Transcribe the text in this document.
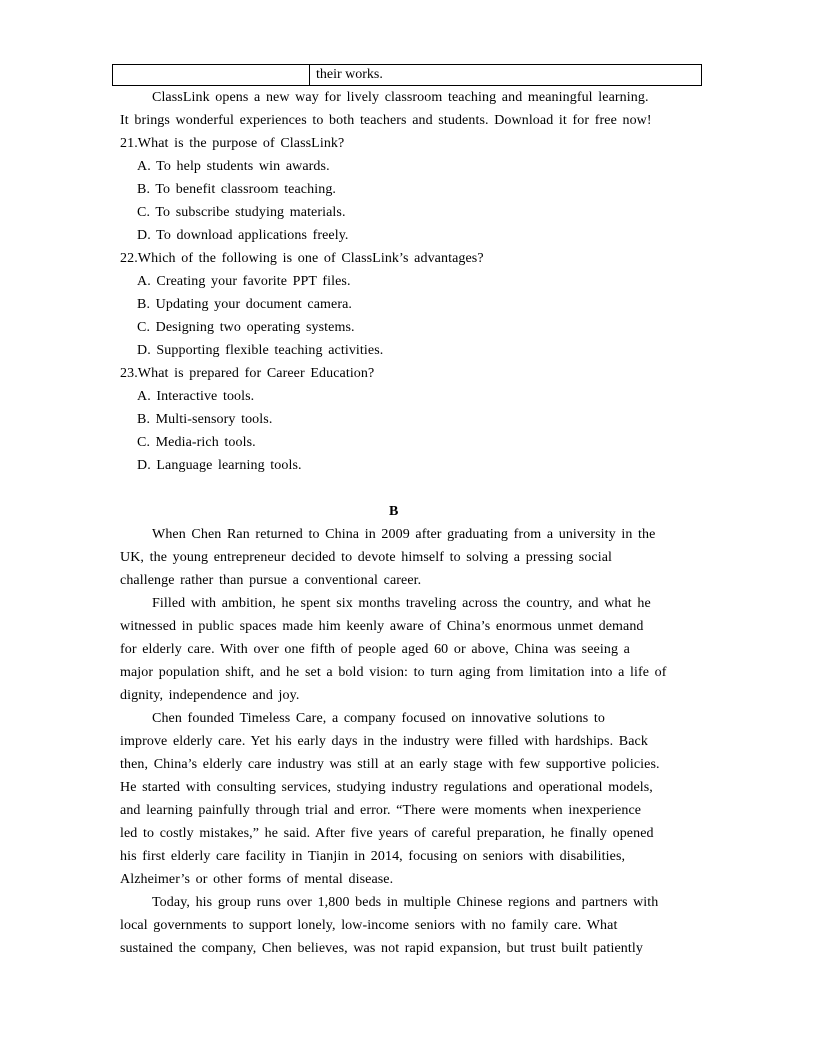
their works.
ClassLink opens a new way for lively classroom teaching and meaningful learning.
It brings wonderful experiences to both teachers and students. Download it for free now!
21.What is the purpose of ClassLink?
A. To help students win awards.
B. To benefit classroom teaching.
C. To subscribe studying materials.
D. To download applications freely.
22.Which of the following is one of ClassLink’s advantages?
A. Creating your favorite PPT files.
B. Updating your document camera.
C. Designing two operating systems.
D. Supporting flexible teaching activities.
23.What is prepared for Career Education?
A. Interactive tools.
B. Multi-sensory tools.
C. Media-rich tools.
D. Language learning tools.
B
When Chen Ran returned to China in 2009 after graduating from a university in the
UK, the young entrepreneur decided to devote himself to solving a pressing social
challenge rather than pursue a conventional career.
Filled with ambition, he spent six months traveling across the country, and what he
witnessed in public spaces made him keenly aware of China’s enormous unmet demand
for elderly care. With over one fifth of people aged 60 or above, China was seeing a
major population shift, and he set a bold vision: to turn aging from limitation into a life of
dignity, independence and joy.
Chen founded Timeless Care, a company focused on innovative solutions to
improve elderly care. Yet his early days in the industry were filled with hardships. Back
then, China’s elderly care industry was still at an early stage with few supportive policies.
He started with consulting services, studying industry regulations and operational models,
and learning painfully through trial and error. “There were moments when inexperience
led to costly mistakes,” he said. After five years of careful preparation, he finally opened
his first elderly care facility in Tianjin in 2014, focusing on seniors with disabilities,
Alzheimer’s or other forms of mental disease.
Today, his group runs over 1,800 beds in multiple Chinese regions and partners with
local governments to support lonely, low-income seniors with no family care. What
sustained the company, Chen believes, was not rapid expansion, but trust built patiently
